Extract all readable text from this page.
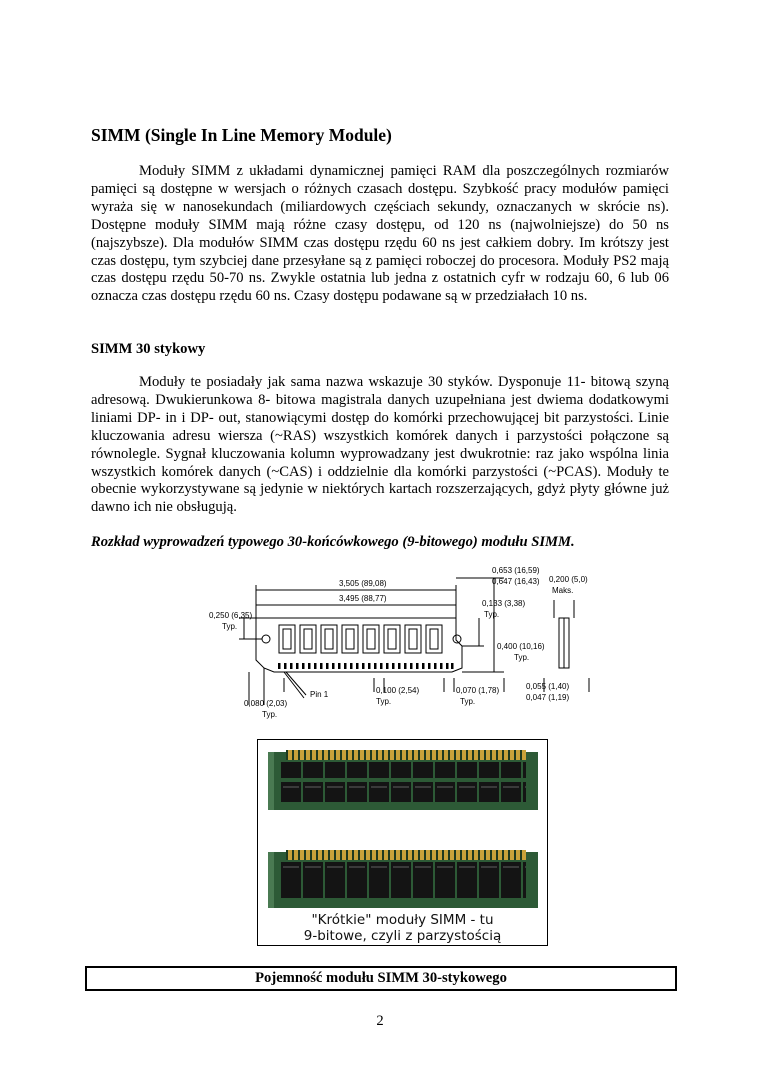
SIMM (Single In Line Memory Module)

Moduły SIMM z układami dynamicznej pamięci RAM dla poszczególnych rozmiarów pamięci są dostępne w wersjach o różnych czasach dostępu. Szybkość pracy modułów pamięci wyraża się w nanosekundach (miliardowych częściach sekundy, oznaczanych w skrócie ns). Dostępne moduły SIMM mają różne czasy dostępu, od 120 ns (najwolniejsze) do 50 ns (najszybsze). Dla modułów SIMM czas dostępu rzędu 60 ns jest całkiem dobry. Im krótszy jest czas dostępu, tym szybciej dane przesyłane są z pamięci roboczej do procesora. Moduły PS2 mają czas dostępu rzędu 50-70 ns. Zwykle ostatnia lub jedna z ostatnich cyfr w rodzaju 60, 6 lub 06 oznacza czas dostępu rzędu 60 ns. Czasy dostępu podawane są w przedziałach 10 ns.

SIMM 30 stykowy

Moduły te posiadały jak sama nazwa wskazuje 30 styków. Dysponuje 11- bitową szyną adresową. Dwukierunkowa 8- bitowa magistrala danych uzupełniana jest dwiema dodatkowymi liniami DP- in i DP- out, stanowiącymi dostęp do komórki przechowującej bit parzystości. Linie kluczowania adresu wiersza (~RAS) wszystkich komórek danych i parzystości połączone są równolegle. Sygnał kluczowania kolumn wyprowadzany jest dwukrotnie: raz jako wspólna linia wszystkich komórek danych (~CAS) i oddzielnie dla komórki parzystości (~PCAS). Moduły te obecnie wykorzystywane są jedynie w niektórych kartach rozszerzających, gdyż płyty główne już dawno ich nie obsługują.

Rozkład wyprowadzeń typowego 30-końcówkowego (9-bitowego) modułu SIMM.

3,505 (89,08)
3,495 (88,77)
0,250 (6,35)
Typ.
0,653 (16,59)
0,647 (16,43) 0,200 (5,0)
Maks.
0,133 (3,38)
Typ.
0,400 (10,16)
Typ.
Pin 1	0,100 (2,54)
Typ.
0,070 (1,78)
Typ.
0,055 (1,40)
0,047 (1,19)
0,080 (2,03)
Typ.
"Krótkie" moduły SIMM - tu
9-bitowe, czyli z parzystością
Pojemność modułu SIMM 30-stykowego
2
